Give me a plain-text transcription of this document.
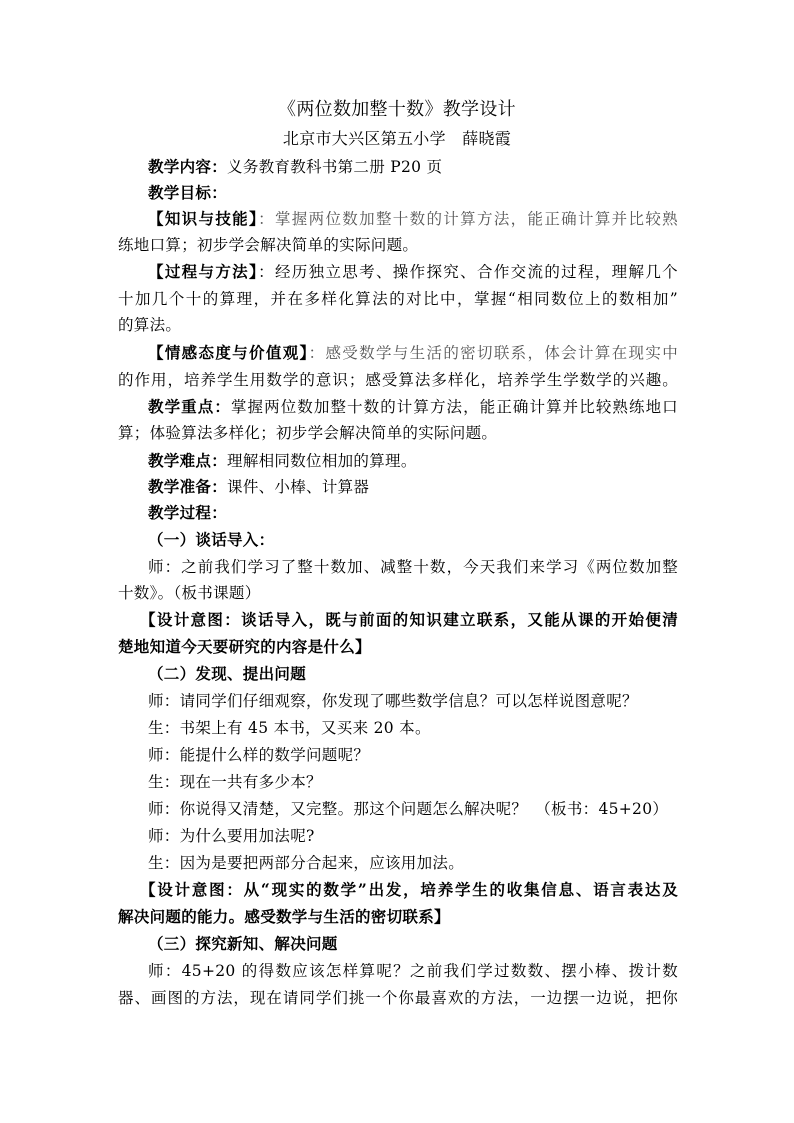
《两位数加整十数》教学设计
北京市大兴区第五小学　薛晓霞
教学内容：义务教育教科书第二册 P20 页
教学目标：
【知识与技能】：掌握两位数加整十数的计算方法，能正确计算并比较熟
练地口算；初步学会解决简单的实际问题。
【过程与方法】：经历独立思考、操作探究、合作交流的过程，理解几个
十加几个十的算理，并在多样化算法的对比中，掌握“相同数位上的数相加”
的算法。
【情感态度与价值观】：感受数学与生活的密切联系，体会计算在现实中
的作用，培养学生用数学的意识；感受算法多样化，培养学生学数学的兴趣。
教学重点：掌握两位数加整十数的计算方法，能正确计算并比较熟练地口
算；体验算法多样化；初步学会解决简单的实际问题。
教学难点：理解相同数位相加的算理。
教学准备：课件、小棒、计算器
教学过程：
（一）谈话导入：
师：之前我们学习了整十数加、减整十数，今天我们来学习《两位数加整
十数》。（板书课题）
【设计意图：谈话导入，既与前面的知识建立联系，又能从课的开始便清
楚地知道今天要研究的内容是什么】
（二）发现、提出问题
师：请同学们仔细观察，你发现了哪些数学信息？可以怎样说图意呢？
生：书架上有 45 本书，又买来 20 本。
师：能提什么样的数学问题呢？
生：现在一共有多少本？
师：你说得又清楚，又完整。那这个问题怎么解决呢？　（板书：45+20）
师：为什么要用加法呢?
生：因为是要把两部分合起来，应该用加法。
【设计意图：从“现实的数学”出发，培养学生的收集信息、语言表达及
解决问题的能力。感受数学与生活的密切联系】
（三）探究新知、解决问题
师：45+20 的得数应该怎样算呢？之前我们学过数数、摆小棒、拨计数
器、画图的方法，现在请同学们挑一个你最喜欢的方法，一边摆一边说，把你
